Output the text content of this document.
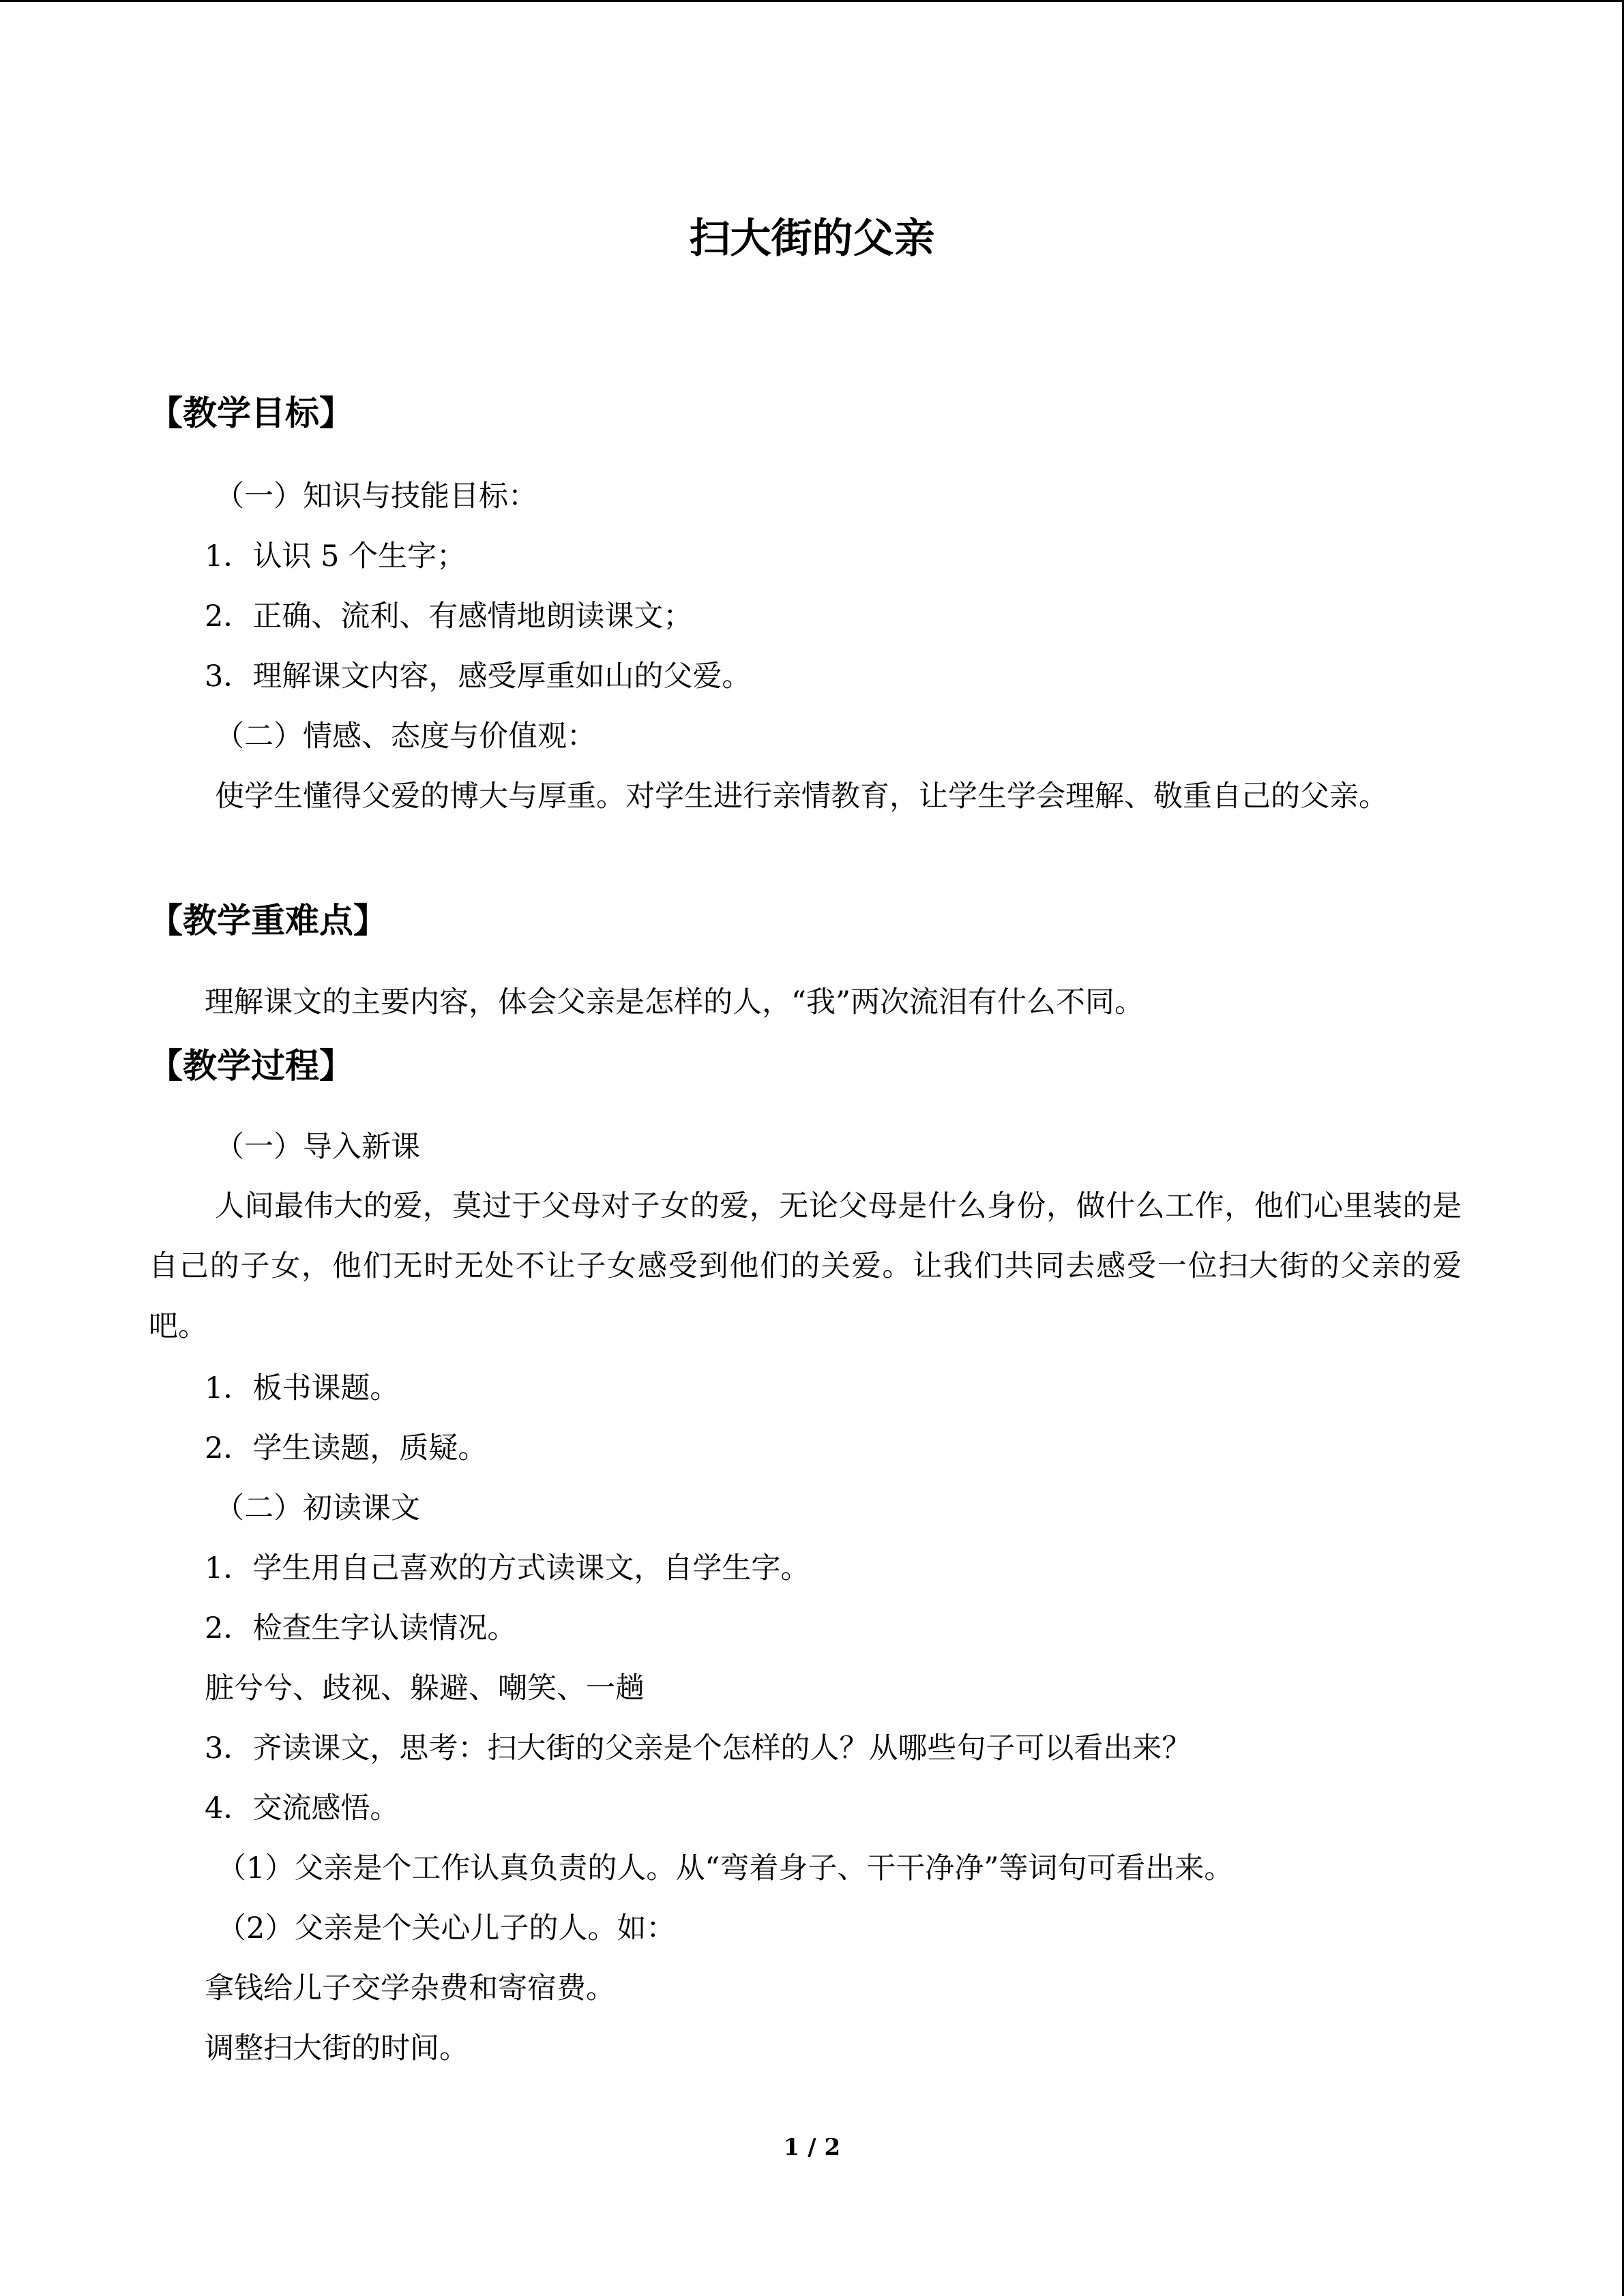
扫大街的父亲
【教学目标】

（一）知识与技能目标：

1．认识 5 个生字；

2．正确、流利、有感情地朗读课文；

3．理解课文内容，感受厚重如山的父爱。

（二）情感、态度与价值观：

使学生懂得父爱的博大与厚重。对学生进行亲情教育，让学生学会理解、敬重自己的父亲。

【教学重难点】

理解课文的主要内容，体会父亲是怎样的人，“我”两次流泪有什么不同。

【教学过程】

（一）导入新课

人间最伟大的爱，莫过于父母对子女的爱，无论父母是什么身份，做什么工作，他们心里装的是自己的子女，他们无时无处不让子女感受到他们的关爱。让我们共同去感受一位扫大街的父亲的爱吧。

1．板书课题。

2．学生读题，质疑。

（二）初读课文

1．学生用自己喜欢的方式读课文，自学生字。

2．检查生字认读情况。

脏兮兮、歧视、躲避、嘲笑、一趟

3．齐读课文，思考：扫大街的父亲是个怎样的人？从哪些句子可以看出来？

4．交流感悟。

（1）父亲是个工作认真负责的人。从“弯着身子、干干净净”等词句可看出来。

（2）父亲是个关心儿子的人。如：

拿钱给儿子交学杂费和寄宿费。

调整扫大街的时间。

1 / 2
